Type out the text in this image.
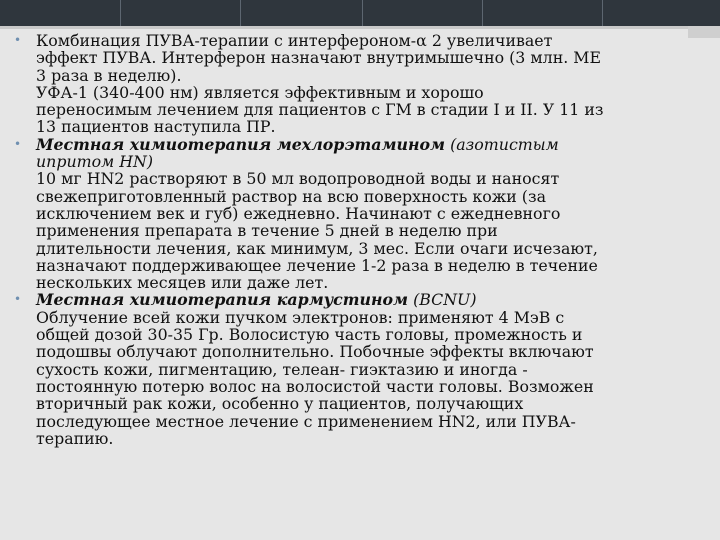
• Комбинация ПУВА-терапии с интерфероном-α 2 увеличивает
эффект ПУВА. Интерферон назначают внутримышечно (3 млн. МЕ
3 раза в неделю).
УФА-1 (340-400 нм) является эффективным и хорошо
переносимым лечением для пациентов с ГМ в стадии I и II. У 11 из
13 пациентов наступила ПР.
• Местная химиотерапия мехлорэтамином (азотистым
ипритом HN)
10 мг HN2 растворяют в 50 мл водопроводной воды и наносят
свежеприготовленный раствор на всю поверхность кожи (за
исключением век и губ) ежедневно. Начинают с ежедневного
применения препарата в течение 5 дней в неделю при
длительности лечения, как минимум, 3 мес. Если очаги исчезают,
назначают поддерживающее лечение 1-2 раза в неделю в течение
нескольких месяцев или даже лет.
• Местная химиотерапия кармустином (BCNU)
Облучение всей кожи пучком электронов: применяют 4 МэВ с
общей дозой 30-35 Гр. Волосистую часть головы, промежность и
подошвы облучают дополнительно. Побочные эффекты включают
сухость кожи, пигментацию, телеан- гиэктазию и иногда -
постоянную потерю волос на волосистой части головы. Возможен
вторичный рак кожи, особенно у пациентов, получающих
последующее местное лечение с применением HN2, или ПУВА-
терапию.
